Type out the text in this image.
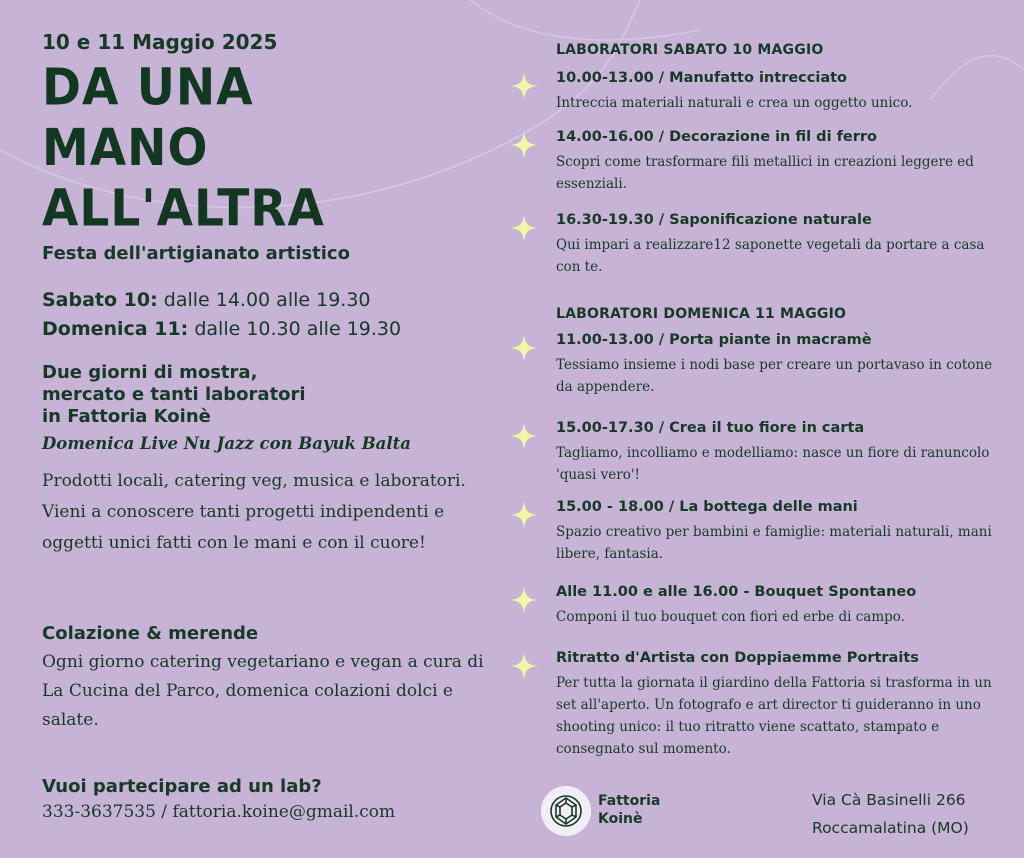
10 e 11 Maggio 2025
DA UNA
MANO
ALL'ALTRA
Festa dell'artigianato artistico
Sabato 10: dalle 14.00 alle 19.30
Domenica 11: dalle 10.30 alle 19.30
Due giorni di mostra,
mercato e tanti laboratori
in Fattoria Koinè
Domenica Live Nu Jazz con Bayuk Balta
Prodotti locali, catering veg, musica e laboratori. Vieni a conoscere tanti progetti indipendenti e oggetti unici fatti con le mani e con il cuore!
Colazione & merende
Ogni giorno catering vegetariano e vegan a cura di La Cucina del Parco, domenica colazioni dolci e salate.
Vuoi partecipare ad un lab?
333-3637535 / fattoria.koine@gmail.com
LABORATORI SABATO 10 MAGGIO
10.00-13.00 / Manufatto intrecciato
Intreccia materiali naturali e crea un oggetto unico.
14.00-16.00 / Decorazione in fil di ferro
Scopri come trasformare fili metallici in creazioni leggere ed essenziali.
16.30-19.30 / Saponificazione naturale
Qui impari a realizzare12 saponette vegetali da portare a casa con te.
LABORATORI DOMENICA 11 MAGGIO
11.00-13.00 / Porta piante in macramè
Tessiamo insieme i nodi base per creare un portavaso in cotone da appendere.
15.00-17.30 / Crea il tuo fiore in carta
Tagliamo, incolliamo e modelliamo: nasce un fiore di ranuncolo 'quasi vero'!
15.00 - 18.00 / La bottega delle mani
Spazio creativo per bambini e famiglie: materiali naturali, mani libere, fantasia.
Alle 11.00 e alle 16.00 - Bouquet Spontaneo
Componi il tuo bouquet con fiori ed erbe di campo.
Ritratto d'Artista con Doppiaemme Portraits
Per tutta la giornata il giardino della Fattoria si trasforma in un set all'aperto. Un fotografo e art director ti guideranno in uno shooting unico: il tuo ritratto viene scattato, stampato e consegnato sul momento.
Fattoria
Koinè
Via Cà Basinelli 266
Roccamalatina (MO)
